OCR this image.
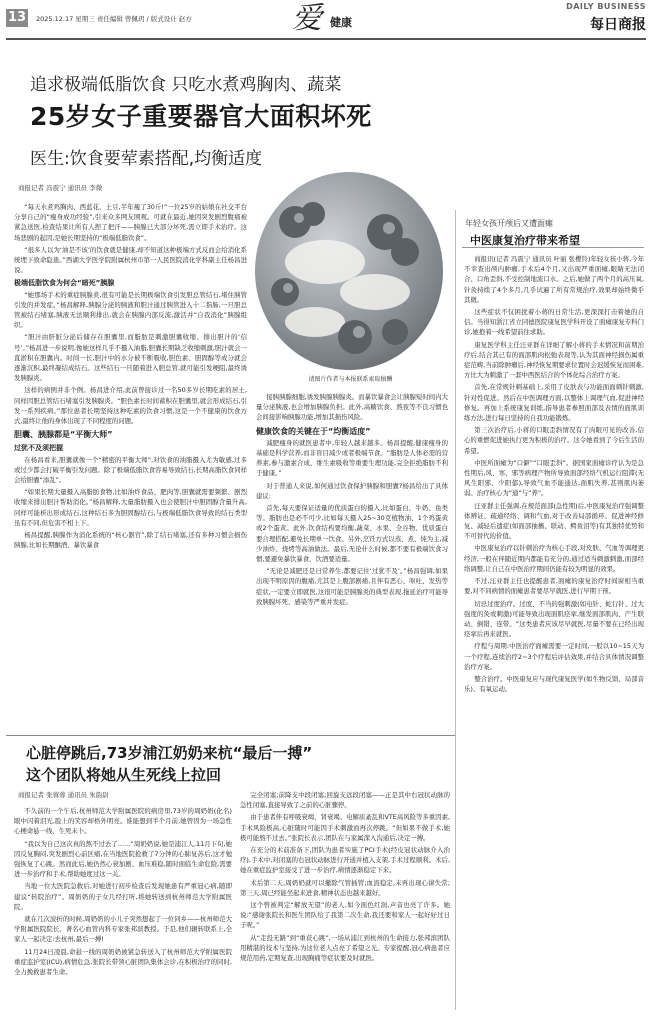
13	2025.12.17 星期三 责任编辑 曾佩玥 / 版式设计 赵方	爱 健康
DAILY BUSINESS
每日商报
追求极端低脂饮食 只吃水煮鸡胸肉、蔬菜
25岁女子重要器官大面积坏死
医生:饮食要荤素搭配,均衡适度
商报记者 冯震宁 通讯员 李微

“每天水煮鸡胸肉、西蓝花、土豆,半年瘦了30斤!”一位25岁的姑娘在社交平台分享自己的“瘦身成功经验”,引来众多网友围观。可就在最近,她因突发剧烈腹痛被紧急送医,检查结果让所有人捏了把汗——胰腺已大部分坏死,需立即手术治疗。这场悲剧的起因,是她长期坚持的“极端低脂饮食”。

“很多人以为‘油是不该’的饮食就是健康,却不知道这种极端方式反而会给消化系统埋下致命隐患。”西湖大学医学院附属杭州市第一人民医院消化学科副主任杨昌进说。

极端低脂饮食为何会“暗死”胰腺

“她那场手术的重症胰腺炎,很有可能是长期极端饮食引发胆总管结石,堵住胰管引发的并发症。”杨昌解释,胰腺分泌的胰液和胆汁通过胰管进入十二指肠,一旦胆总管被结石堵塞,胰液无法顺利排出,就会在胰腺内部反流,激活并“自我消化”胰腺组织。

“胆汁由肝脏分泌后储存在胆囊里,而脂肪是刺激胆囊收缩、排出胆汁的‘信号’。”杨昌进一步说明,像她这样几乎不摄入油脂,胆囊长期缺乏收缩刺激,胆汁就会一直淤积在胆囊内。时间一长,胆汁中的水分被不断吸收,胆色素、胆固醇等成分就会逐渐沉积,最终凝结成结石。这些结石一旦随着进入胆总管,就可能引发梗阻,最终诱发胰腺炎。

这样的病例并非个例。杨昌进介绍,此前曾接诊过一名50多岁长期吃素的居士,同样因胆总管结石堵塞引发胰腺炎。“胆色素长时间蓄积在胆囊里,就会形成结石,引发一系列疾病。”那位患者长期坚持这种吃素的饮食习惯,这是一个不健康的饮食方式,最终让他的身体出现了不同程度的问题。

胆囊、胰腺都是“平衡大师”

过犹不及须把握

在杨昌看来,胆囊就像一个“精密的平衡大师”,对饮食的油脂摄入尤为敏感,过多或过少都会打破平衡引发问题。除了极端低脂饮食容易导致结石,长期高脂饮食同样会给胆囊“添乱”。

“如果长期大量摄入高脂肪食物,比如油炸食品、肥肉等,胆囊就需要频繁、剧烈收缩来排出胆汁帮助消化。”杨昌解释,大量脂肪摄入也会使胆汁中胆固醇含量升高,同样可能析出形成结石,这种结石多为胆固醇结石,与极端低脂饮食导致的结石类型虽有不同,但危害不相上下。

杨昌提醒,胰腺作为消化系统的“核心器官”,除了结石堵塞,还有多种习惯会损伤胰腺,比如长期酗酒、暴饮暴食

接胰胰腺细胞,诱发胰腺胰腺炎。而暴饮暴食会让胰腺短时间内大量分泌胰液,也会增加胰腺负担。此外,高糖饮食、熬夜等不良习惯也会间接影响胰腺功能,增加其损伤风险。

健康饮食的关键在于“均衡适度”

减肥瘦身的就医患者中,年轻人越来越多。杨昌提醒,健康瘦身的基础是科学营养,而非盲目减少或者极端节食。“脂肪是人体必需的营养素,参与激素合成、维生素吸收等重要生理功能,完全拒绝脂肪不利于健康。”

对于普通人来说,如何通过饮食保护胰腺和胆囊?杨昌给出了具体建议:

首先,每天要保证适量的优质蛋白的摄入,比如蛋白、牛奶、鱼类等。脂肪也是必不可少,比如每天摄入25~30克植物油、1个鸡蛋黄或2个蛋黄。此外,饮食结构要均衡,蔬菜、水果、全谷物、优质蛋白要合理搭配,避免长期单一饮食。另外,烹饪方式以蒸、煮、炖为主,减少油炸、烧烤等高油做法。最后,无论什么时候,都不要有极端饮食习惯,要避免暴饮暴食、饮酒要适量。

“无论是减肥还是日常养生,都要记住‘过犹不及’。”杨昌强调,如果出现不明原因的腹痛,尤其是上腹部剧痛,且伴有恶心、呕吐、发热等症状,一定要立即就医,这很可能是胰腺炎的典型表现,拖延治疗可能导致胰腺坏死、感染等严重并发症。

请图片作者与本报联系索取稿酬
年轻女孩开颅后又遭面瘫
中医康复治疗带来希望

商报讯(记者 冯震宁 通讯员 叶丽 张樱铃)年轻女孩小蒋,今年不幸查出颅内肿瘤,手术后4个月,又出现严重面瘫,眼睛无法闭合、口角歪斜,不受控制地流口水。之后,她做了两个月的高压氧,针灸持续了4个多月,几乎试遍了所有常规治疗,效果却始终微乎其微。

这些症状不仅困扰着小蒋的日常生活,更深深打击着她的自信。当得知浙江省立同德医院康复医学科开设了面瘫康复专科门诊,她抱着一线希望前往求助。

康复医学科主任汪亚群在详细了解小蒋的手术情况和前期治疗后,结合其已有的面部肌肉松弛表现等,认为其面神经损伤属重症范畴,当前除肿瘤后,神经恢复期要求位置时会迟缓恢复而困难,方比大为刺激了一套中西医结合的个体化综合治疗方案。

首先,在常规针刺基础上,采用了皮肤表与功能面面刺针刺激,针对性促进。然后在中医调理方面,以整体上调理气血,促进神经修复。再加上系统康复训练,指导患者参照面部及表情的面肌训练方法,进行每日坚持的自我功能锻炼。

第三次治疗后,小蒋的口眼歪斜情况有了肉眼可见的改善,信心的重燃促进她执行更为积极的治疗。这令她看到了今后生活的希望。

中医所面瘫为“口僻”“口眼歪斜”。据国家面瘫诊疗认为是急性期后,风、寒、邪等病理产物所导致面部经络气机运行阻滞(无风生阳邪、少阳郁),导致气血不能通达,面肌失养,甚则肌肉萎弱。治疗核心为“通”与“养”。

汪亚群主任强调,在规范面部(急性期)后,中医康复治疗强调整体辨证、疏通经络、调和气血,对于改善局部循环、促进神经修复、减轻后遗症(如面部抽搐、联动、鳄鱼泪等)有其独特优势和不可替代的价值。

中医康复治疗以针刺治疗为核心手段,对皮肤、气血等调理更经济,一般在伴随近期内都能有充分的,通过适当刺激刺激,面部经络调整,让自己在中医治疗期间仍能有较为明显的效果。

不过,汪亚群主任也提醒患者,面瘫的康复治疗时间窗相当重要,对不同病情的面瘫患者要尽早就医,进行早期干预。

切忌过度治疗。过度、不当的强刺激(如电针、蛇行针、过大强度的灸或刺激)可能导致出现面肌痉挛,继发面部肌肉、产生联动、倒错、连带。“这类患者应该尽早就医,尽量不要在已经出现痉挛后再来就医。

疗程与周期:中医治疗面瘫需要一定时间,一般以10~15天为一个疗程,连续治疗2~3个疗程后评估效果,并结合具体情况调整治疗方案。

整合治疗。中医康复应与现代康复医学(如生物反馈、局部音乐)、有氧运动。

心脏停跳后,73岁浦江奶奶来杭“最后一搏”
这个团队将她从生死线上拉回
商报记者 张蓉蓉 通讯员 朱韵尉

不久前的一个午后,杭州师范大学附属医院的病房里,73岁的周奶奶(化名)眼中闪着泪光,脸上的笑容却格外明亮。谁能想到半个月前,她曾因为一场急性心梗命悬一线、生死未卜。

“我以为自己这次真的熬不过去了……”周奶奶说,她是浦江人,11月下旬,她因反复胸闷,突发剧烈心前区痛,在当地医院抢救了7分钟的心肺复苏后,这才勉强恢复了心跳。然而此后,她仍然心衰加剧、血压难稳,随时面临生命危险,需要进一步治疗和手术,帮助她度过这一关。

当地一位大医院急救后,对她进行初步检查后发现她患有严重冠心病,随即建议“转院治疗”。周奶奶的子女几经打听,将她转送到杭州师范大学附属医院。

就在几次波折的时候,周奶奶的小儿子突然想起了一位同乡——杭州师范大学附属医院院长、著名心血管内科专家张邦滨教授。于是,他们辗转联系上,全家人一起决定:去杭州,最后一搏!

11月24日凌晨,命悬一线的周奶奶被紧急转送入了杭州师范大学附属医院重症监护室(ICU),病情危急,张院长带领心脏团队集体会诊,在积极治疗的同时,全力挽救患者生命。

完全闭塞;前降支中段闭塞;回旋支远段闭塞——正是其中右冠状动脉的急性闭塞,直接导致了之前的心脏骤停。

由于患者伴有呼吸衰竭、肾衰竭、电解质紊乱和VTE高风险等多重因素,手术风险极高,心脏随时可能因手术刺激而再次停跳。“但如果不做手术,她极可能熬不过去。”张院长表示,团队在与家属深入沟通后,决定一搏。

在充分的术前准备下,团队为患者实施了PCI手术(经皮冠状动脉介入治疗),手术中,对闭塞的右冠状动脉进行开通并植入支架,手术过程顺利。术后,她在重症监护室接受了进一步治疗,病情逐渐稳定下来。

术后第二天,周奶奶就可以撤除气管插管;血流稳定,未再出现心律失常;第三天,周已经能坐起来进食,精神状态也越来越好。

这个曾被判定“解放无望”的老人,如今面色红润,声音也亮了许多。她说:“感谢张院长和医生团队给了我第二次生命,我还要和家人一起好好过日子呢。”

从“走投无路”到“重获心跳”,一场从浦江到杭州的生命接力,张邦滨团队用精湛的技术与坚持,为这位老人点亮了希望之光。专家提醒,冠心病患者应规范用药,定期复查,出现胸痛等症状要及时就医。
